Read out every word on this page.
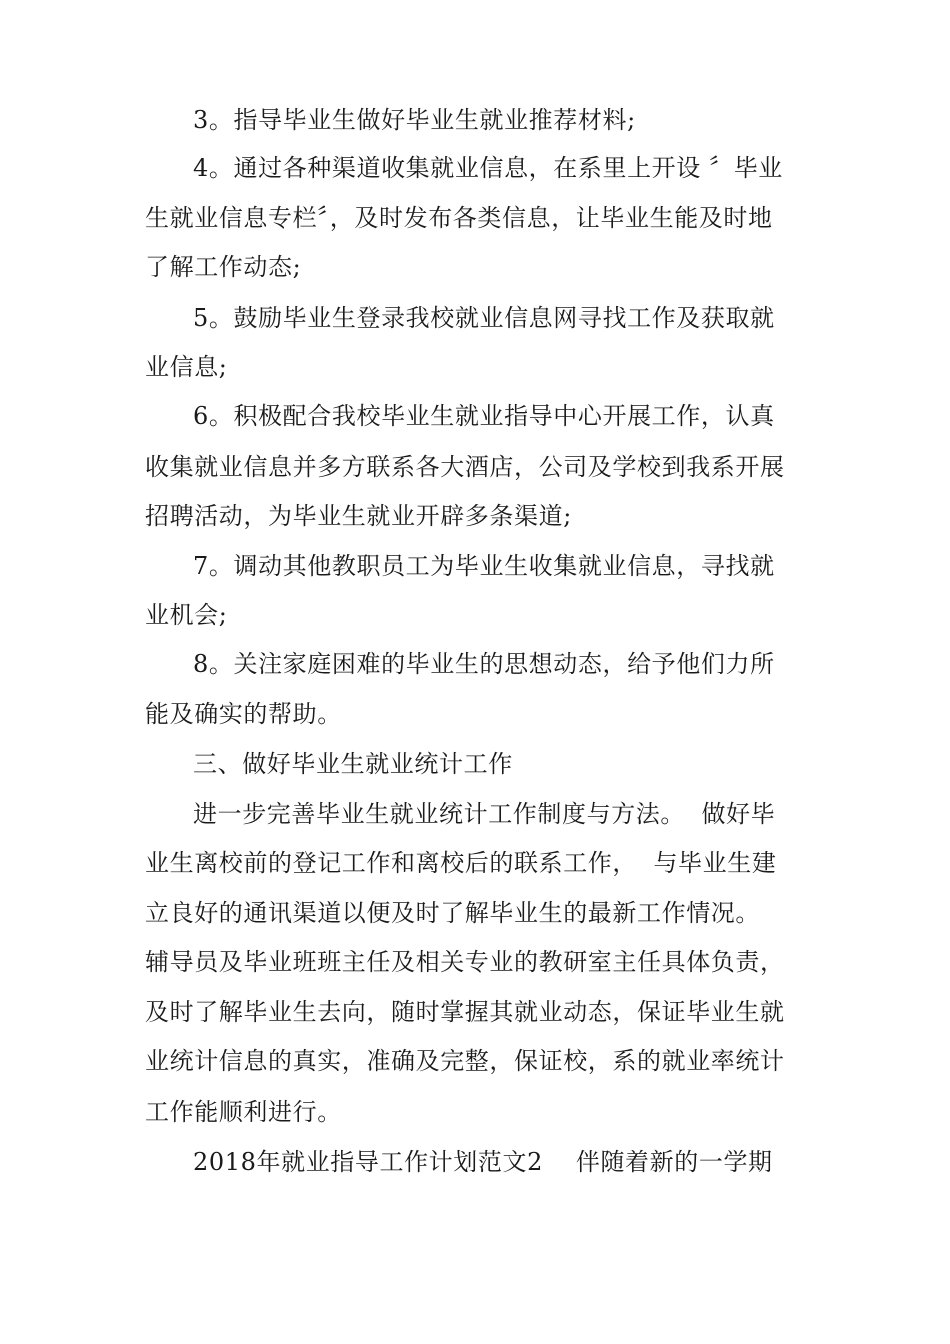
3。指导毕业生做好毕业生就业推荐材料;
4。通过各种渠道收集就业信息，在系里上开设 〞毕业
生就业信息专栏〞，及时发布各类信息，让毕业生能及时地
了解工作动态;
5。鼓励毕业生登录我校就业信息网寻找工作及获取就
业信息;
6。积极配合我校毕业生就业指导中心开展工作，认真
收集就业信息并多方联系各大酒店，公司及学校到我系开展
招聘活动，为毕业生就业开辟多条渠道;
7。调动其他教职员工为毕业生收集就业信息，寻找就
业机会;
8。关注家庭困难的毕业生的思想动态，给予他们力所
能及确实的帮助。
三、做好毕业生就业统计工作
进一步完善毕业生就业统计工作制度与方法。  做好毕
业生离校前的登记工作和离校后的联系工作，  与毕业生建
立良好的通讯渠道以便及时了解毕业生的最新工作情况。
辅导员及毕业班班主任及相关专业的教研室主任具体负责，
及时了解毕业生去向，随时掌握其就业动态，保证毕业生就
业统计信息的真实，准确及完整，保证校，系的就业率统计
工作能顺利进行。
2018年就业指导工作计划范文2    伴随着新的一学期
